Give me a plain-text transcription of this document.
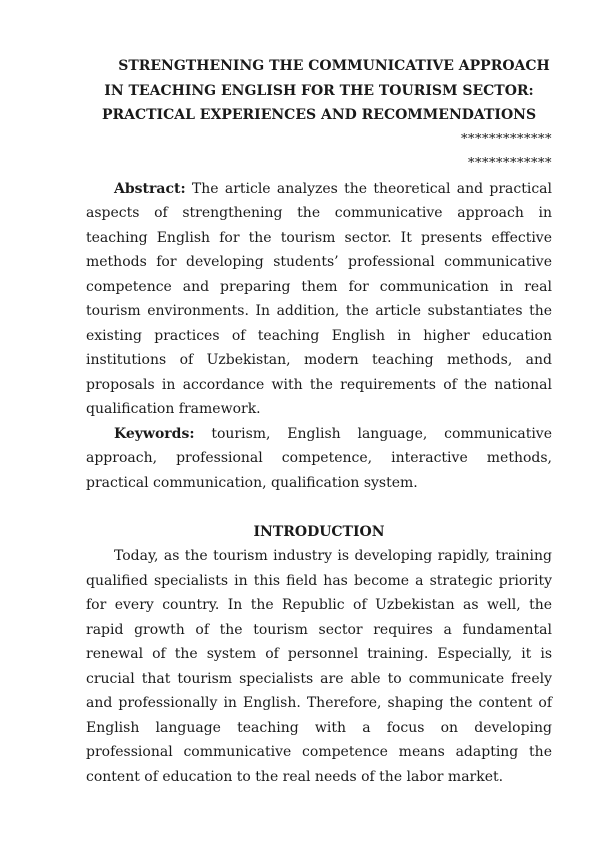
STRENGTHENING THE COMMUNICATIVE APPROACH
IN TEACHING ENGLISH FOR THE TOURISM SECTOR:
PRACTICAL EXPERIENCES AND RECOMMENDATIONS

*************

************

Abstract: The article analyzes the theoretical and practical aspects of strengthening the communicative approach in teaching English for the tourism sector. It presents effective methods for developing students’ professional communicative competence and preparing them for communication in real tourism environments. In addition, the article substantiates the existing practices of teaching English in higher education institutions of Uzbekistan, modern teaching methods, and proposals in accordance with the requirements of the national qualification framework.

Keywords: tourism, English language, communicative approach, professional competence, interactive methods, practical communication, qualification system.

INTRODUCTION

Today, as the tourism industry is developing rapidly, training qualified specialists in this field has become a strategic priority for every country. In the Republic of Uzbekistan as well, the rapid growth of the tourism sector requires a fundamental renewal of the system of personnel training. Especially, it is crucial that tourism specialists are able to communicate freely and professionally in English. Therefore, shaping the content of English language teaching with a focus on developing professional communicative competence means adapting the content of education to the real needs of the labor market.
